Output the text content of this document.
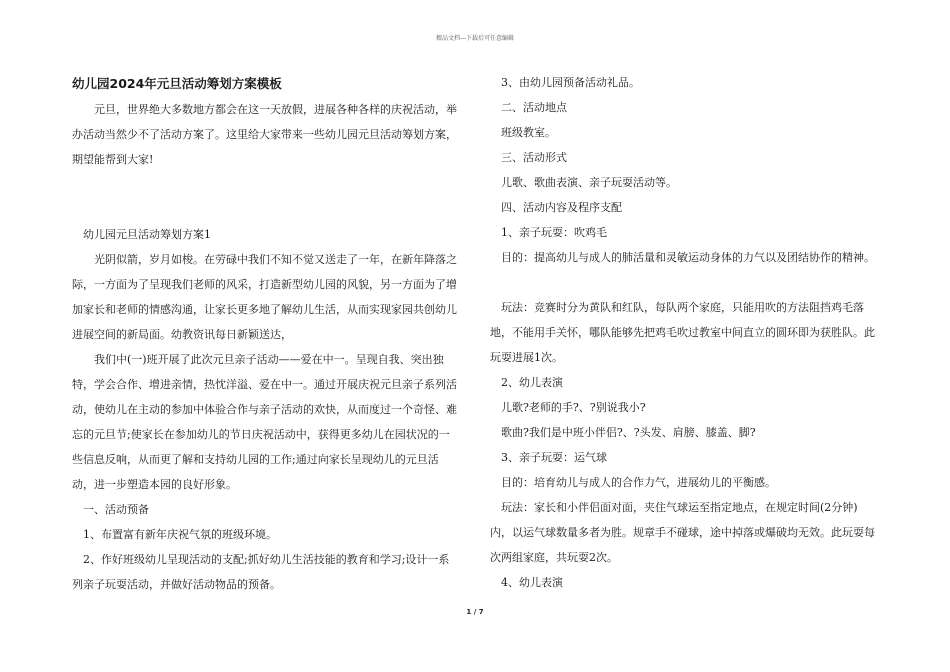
精品文档---下载后可任意编辑
幼儿园2024年元旦活动筹划方案模板

元旦，世界绝大多数地方都会在这一天放假，进展各种各样的庆祝活动，举办活动当然少不了活动方案了。这里给大家带来一些幼儿园元旦活动筹划方案，期望能帮到大家!

幼儿园元旦活动筹划方案1

光阴似箭，岁月如梭。在劳碌中我们不知不觉又送走了一年，在新年降落之际，一方面为了呈现我们老师的风采，打造新型幼儿园的风貌，另一方面为了增加家长和老师的情感沟通，让家长更多地了解幼儿生活，从而实现家园共创幼儿进展空间的新局面。幼教资讯每日新颖送达，

我们中(一)班开展了此次元旦亲子活动——爱在中一。呈现自我、突出独特，学会合作、增进亲情，热忱洋溢、爱在中一。通过开展庆祝元旦亲子系列活动，使幼儿在主动的参加中体验合作与亲子活动的欢快，从而度过一个奇怪、难忘的元旦节;使家长在参加幼儿的节日庆祝活动中，获得更多幼儿在园状况的一些信息反响，从而更了解和支持幼儿园的工作;通过向家长呈现幼儿的元旦活动，进一步塑造本园的良好形象。

一、活动预备

1、布置富有新年庆祝气氛的班级环境。

2、作好班级幼儿呈现活动的支配;抓好幼儿生活技能的教育和学习;设计一系列亲子玩耍活动，并做好活动物品的预备。

3、由幼儿园预备活动礼品。

二、活动地点

班级教室。

三、活动形式

儿歌、歌曲表演、亲子玩耍活动等。

四、活动内容及程序支配

1、亲子玩耍：吹鸡毛

目的：提高幼儿与成人的肺活量和灵敏运动身体的力气以及团结协作的精神。

玩法：竞赛时分为黄队和红队，每队两个家庭，只能用吹的方法阻挡鸡毛落地，不能用手关怀，哪队能够先把鸡毛吹过教室中间直立的圆环即为获胜队。此玩耍进展1次。

2、幼儿表演

儿歌?老师的手?、?别说我小?

歌曲?我们是中班小伴侣?、?头发、肩膀、膝盖、脚?

3、亲子玩耍：运气球

目的：培育幼儿与成人的合作力气，进展幼儿的平衡感。

玩法：家长和小伴侣面对面，夹住气球运至指定地点，在规定时间(2分钟)内，以运气球数量多者为胜。规章手不碰球，途中掉落或爆破均无效。此玩耍每次两组家庭，共玩耍2次。

4、幼儿表演

1 / 7
